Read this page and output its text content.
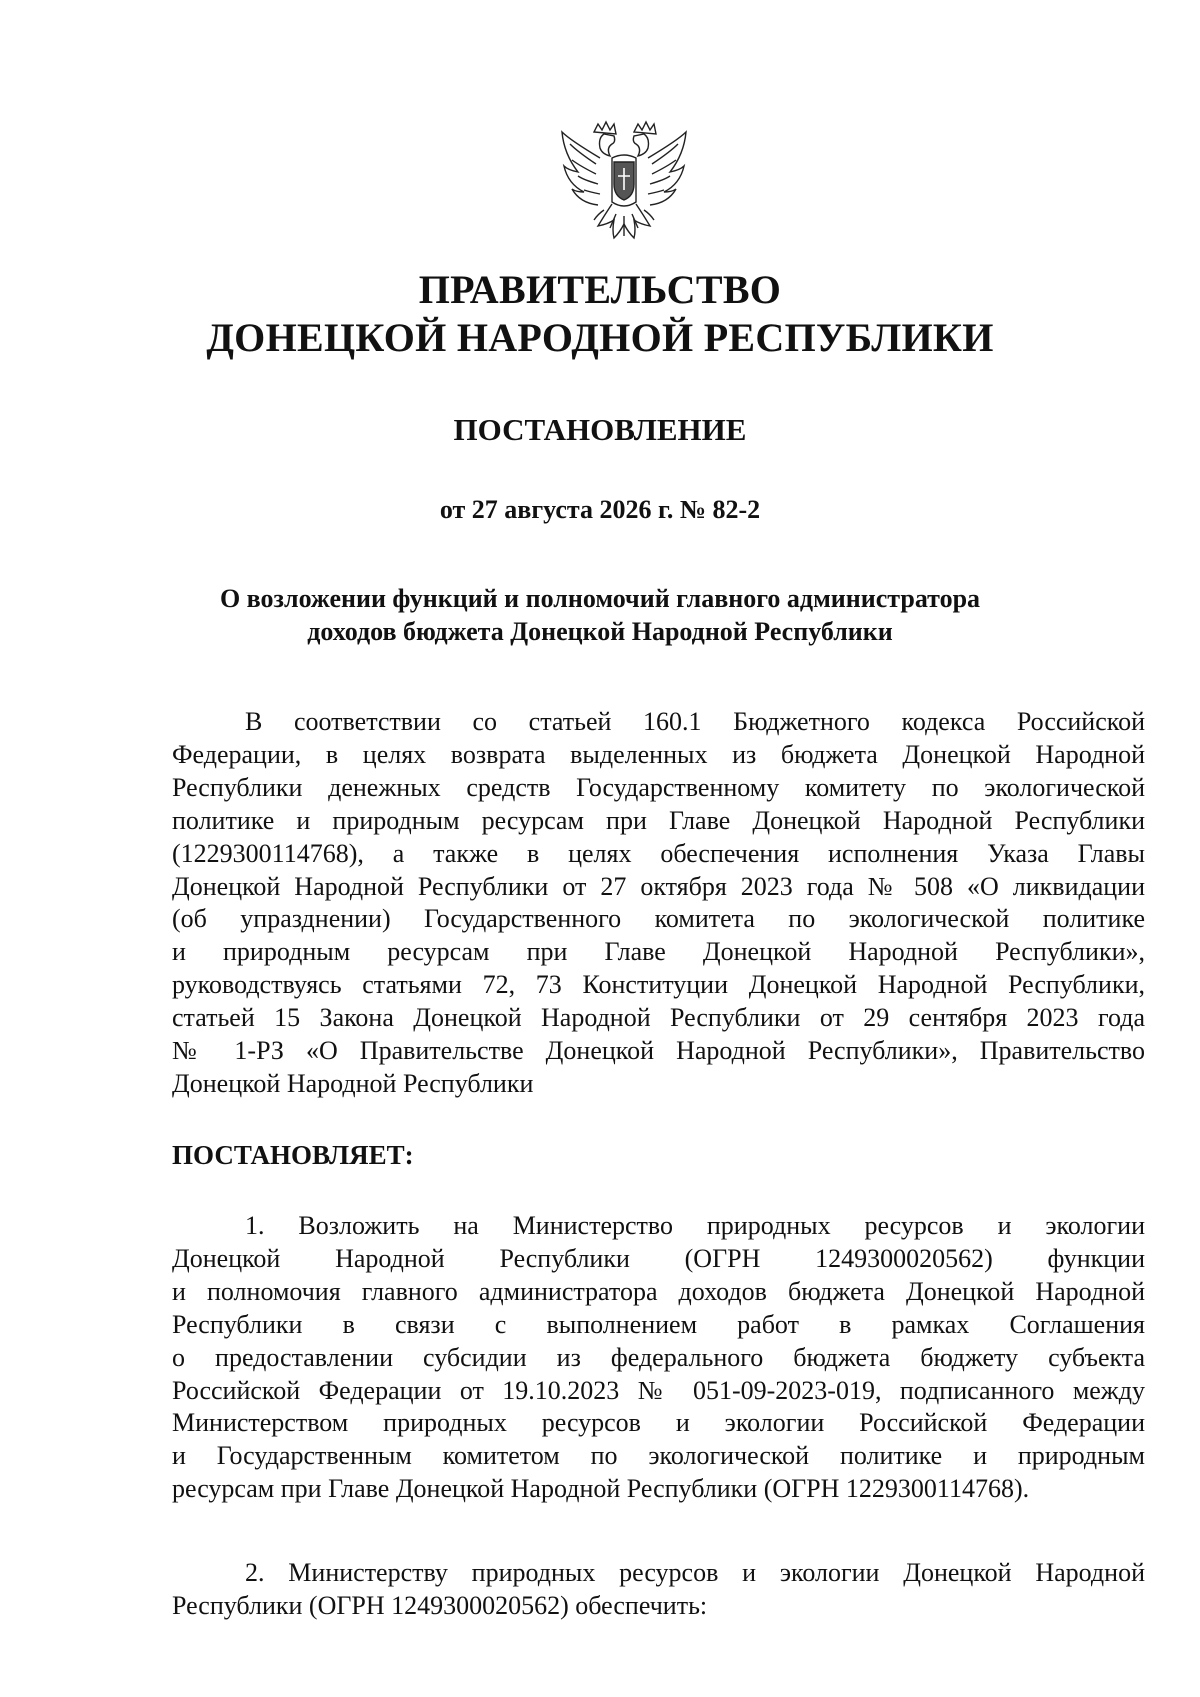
ПРАВИТЕЛЬСТВО
ДОНЕЦКОЙ НАРОДНОЙ РЕСПУБЛИКИ
ПОСТАНОВЛЕНИЕ
от 27 августа 2026 г. № 82-2
О возложении функций и полномочий главного администратора
доходов бюджета Донецкой Народной Республики
В соответствии со статьей 160.1 Бюджетного кодекса Российской
Федерации, в целях возврата выделенных из бюджета Донецкой Народной
Республики денежных средств Государственному комитету по экологической
политике и природным ресурсам при Главе Донецкой Народной Республики
(1229300114768), а также в целях обеспечения исполнения Указа Главы
Донецкой Народной Республики от 27 октября 2023 года № 508 «О ликвидации
(об упразднении) Государственного комитета по экологической политике
и природным ресурсам при Главе Донецкой Народной Республики»,
руководствуясь статьями 72, 73 Конституции Донецкой Народной Республики,
статьей 15 Закона Донецкой Народной Республики от 29 сентября 2023 года
№ 1-РЗ «О Правительстве Донецкой Народной Республики», Правительство
Донецкой Народной Республики
ПОСТАНОВЛЯЕТ:
1. Возложить на Министерство природных ресурсов и экологии
Донецкой Народной Республики (ОГРН 1249300020562) функции
и полномочия главного администратора доходов бюджета Донецкой Народной
Республики в связи с выполнением работ в рамках Соглашения
о предоставлении субсидии из федерального бюджета бюджету субъекта
Российской Федерации от 19.10.2023 № 051-09-2023-019, подписанного между
Министерством природных ресурсов и экологии Российской Федерации
и Государственным комитетом по экологической политике и природным
ресурсам при Главе Донецкой Народной Республики (ОГРН 1229300114768).
2. Министерству природных ресурсов и экологии Донецкой Народной
Республики (ОГРН 1249300020562) обеспечить:
